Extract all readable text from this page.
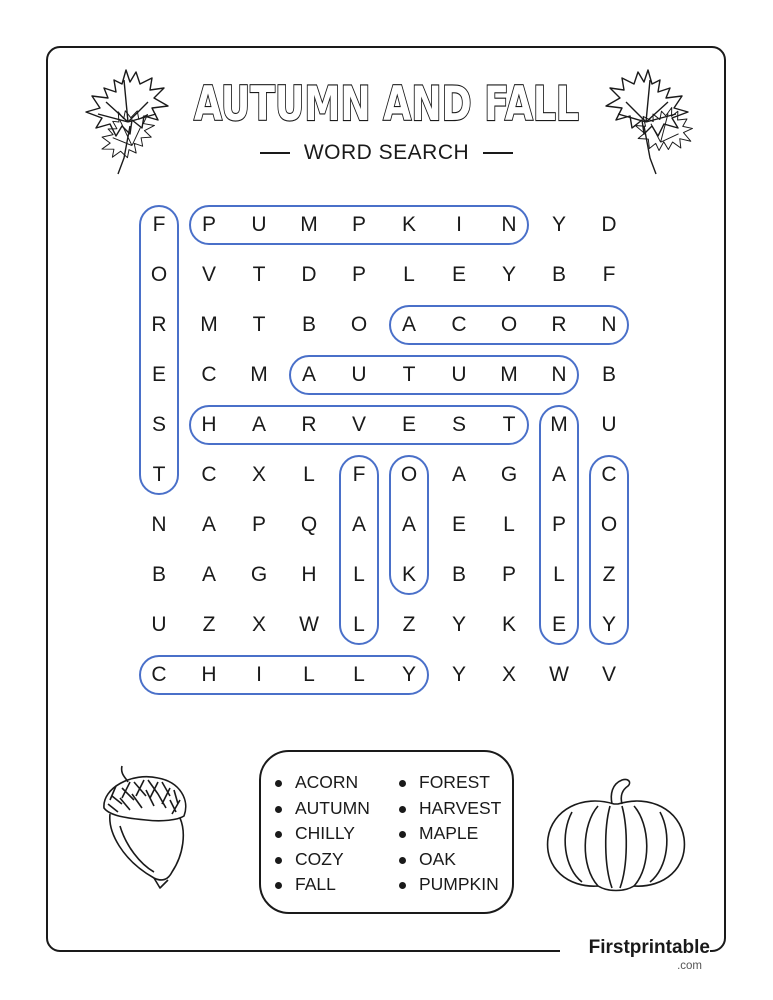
AUTUMN AND FALL
WORD SEARCH
F	P	U	M	P	K	I	N	Y	D
O	V	T	D	P	L	E	Y	B	F
R	M	T	B	O	A	C	O	R	N
E	C	M	A	U	T	U	M	N	B
S	H	A	R	V	E	S	T	M	U
T	C	X	L	F	O	A	G	A	C
N	A	P	Q	A	A	E	L	P	O
B	A	G	H	L	K	B	P	L	Z
U	Z	X	W	L	Z	Y	K	E	Y
C	H	I	L	L	Y	Y	X	W	V
ACORN
AUTUMN
CHILLY
COZY
FALL
FOREST
HARVEST
MAPLE
OAK
PUMPKIN
Firstprintable
.com
